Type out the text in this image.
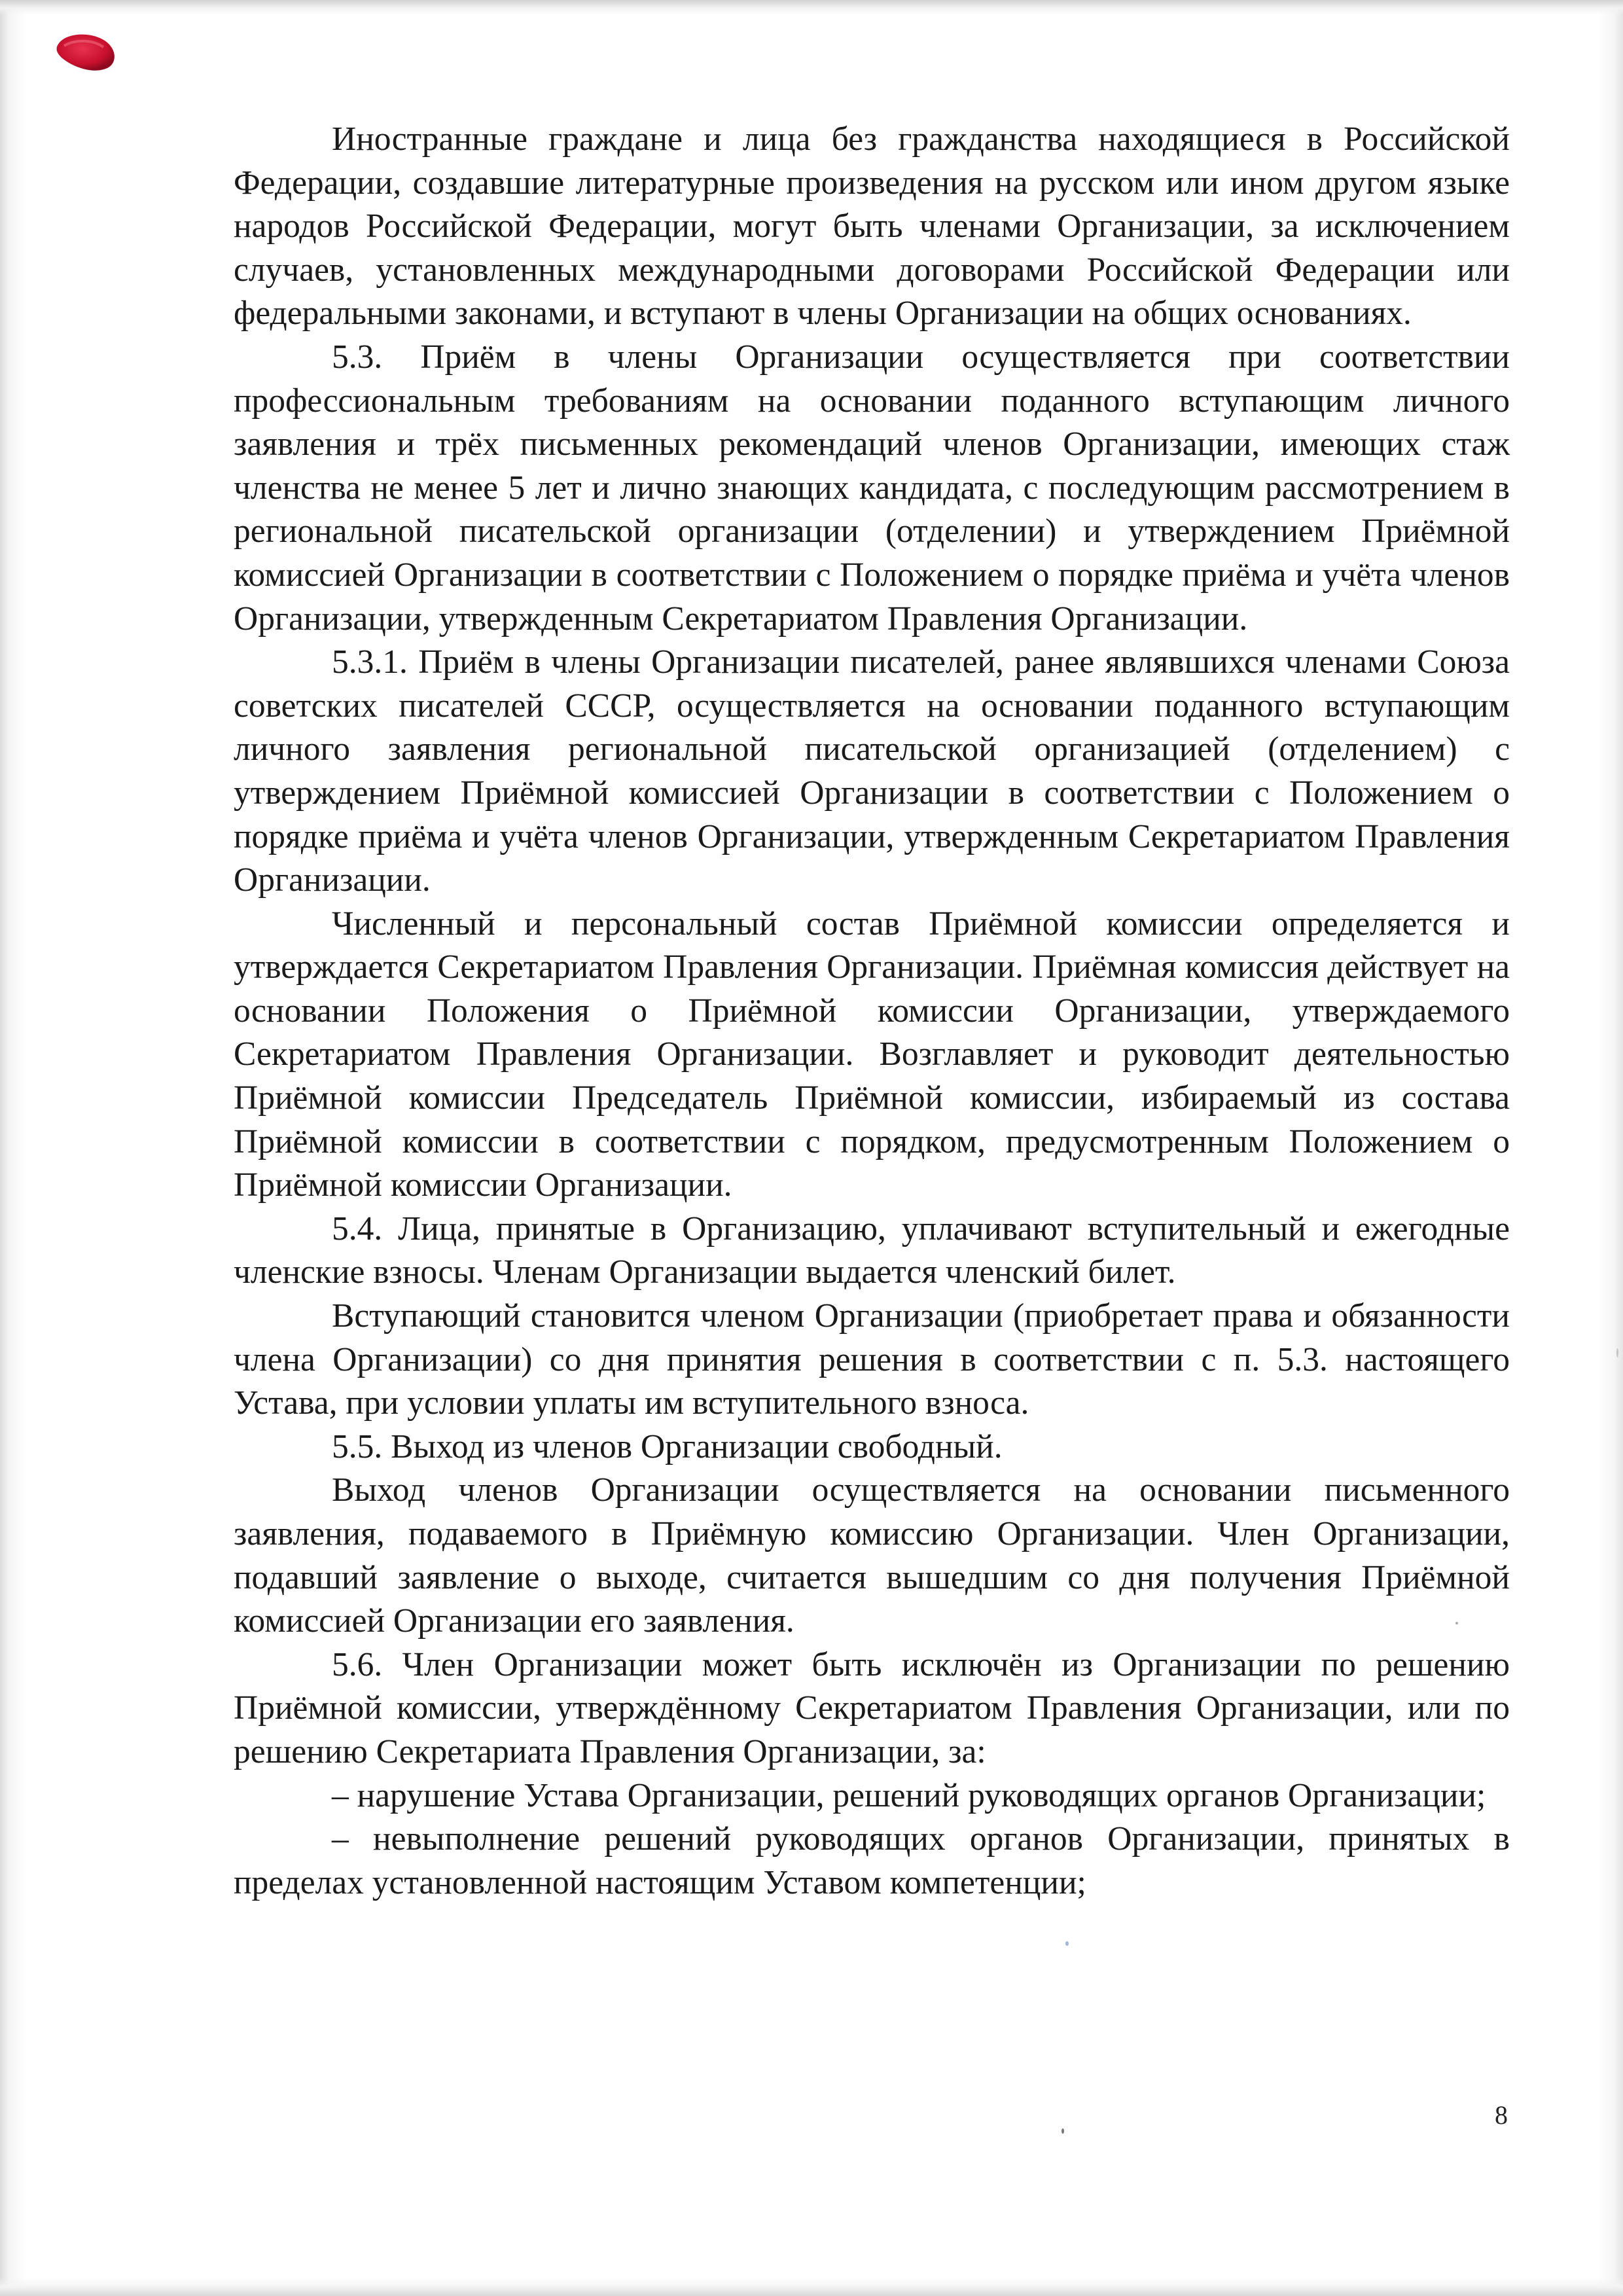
Иностранные граждане и лица без гражданства находящиеся в Российской Федерации, создавшие литературные произведения на русском или ином другом языке народов Российской Федерации, могут быть членами Организации, за исключением случаев, установленных международными договорами Российской Федерации или федеральными законами, и вступают в члены Организации на общих основаниях.

5.3. Приём в члены Организации осуществляется при соответствии профессиональным требованиям на основании поданного вступающим личного заявления и трёх письменных рекомендаций членов Организации, имеющих стаж членства не менее 5 лет и лично знающих кандидата, с последующим рассмотрением в региональной писательской организации (отделении) и утверждением Приёмной комиссией Организации в соответствии с Положением о порядке приёма и учёта членов Организации, утвержденным Секретариатом Правления Организации.

5.3.1. Приём в члены Организации писателей, ранее являвшихся членами Союза советских писателей СССР, осуществляется на основании поданного вступающим личного заявления региональной писательской организацией (отделением) с утверждением Приёмной комиссией Организации в соответствии с Положением о порядке приёма и учёта членов Организации, утвержденным Секретариатом Правления Организации.

Численный и персональный состав Приёмной комиссии определяется и утверждается Секретариатом Правления Организации. Приёмная комиссия действует на основании Положения о Приёмной комиссии Организации, утверждаемого Секретариатом Правления Организации. Возглавляет и руководит деятельностью Приёмной комиссии Председатель Приёмной комиссии, избираемый из состава Приёмной комиссии в соответствии с порядком, предусмотренным Положением о Приёмной комиссии Организации.

5.4. Лица, принятые в Организацию, уплачивают вступительный и ежегодные членские взносы. Членам Организации выдается членский билет.

Вступающий становится членом Организации (приобретает права и обязанности члена Организации) со дня принятия решения в соответствии с п. 5.3. настоящего Устава, при условии уплаты им вступительного взноса.

5.5. Выход из членов Организации свободный.

Выход членов Организации осуществляется на основании письменного заявления, подаваемого в Приёмную комиссию Организации. Член Организации, подавший заявление о выходе, считается вышедшим со дня получения Приёмной комиссией Организации его заявления.

5.6. Член Организации может быть исключён из Организации по решению Приёмной комиссии, утверждённому Секретариатом Правления Организации, или по решению Секретариата Правления Организации, за:

– нарушение Устава Организации, решений руководящих органов Организации;

– невыполнение решений руководящих органов Организации, принятых в пределах установленной настоящим Уставом компетенции;

8
